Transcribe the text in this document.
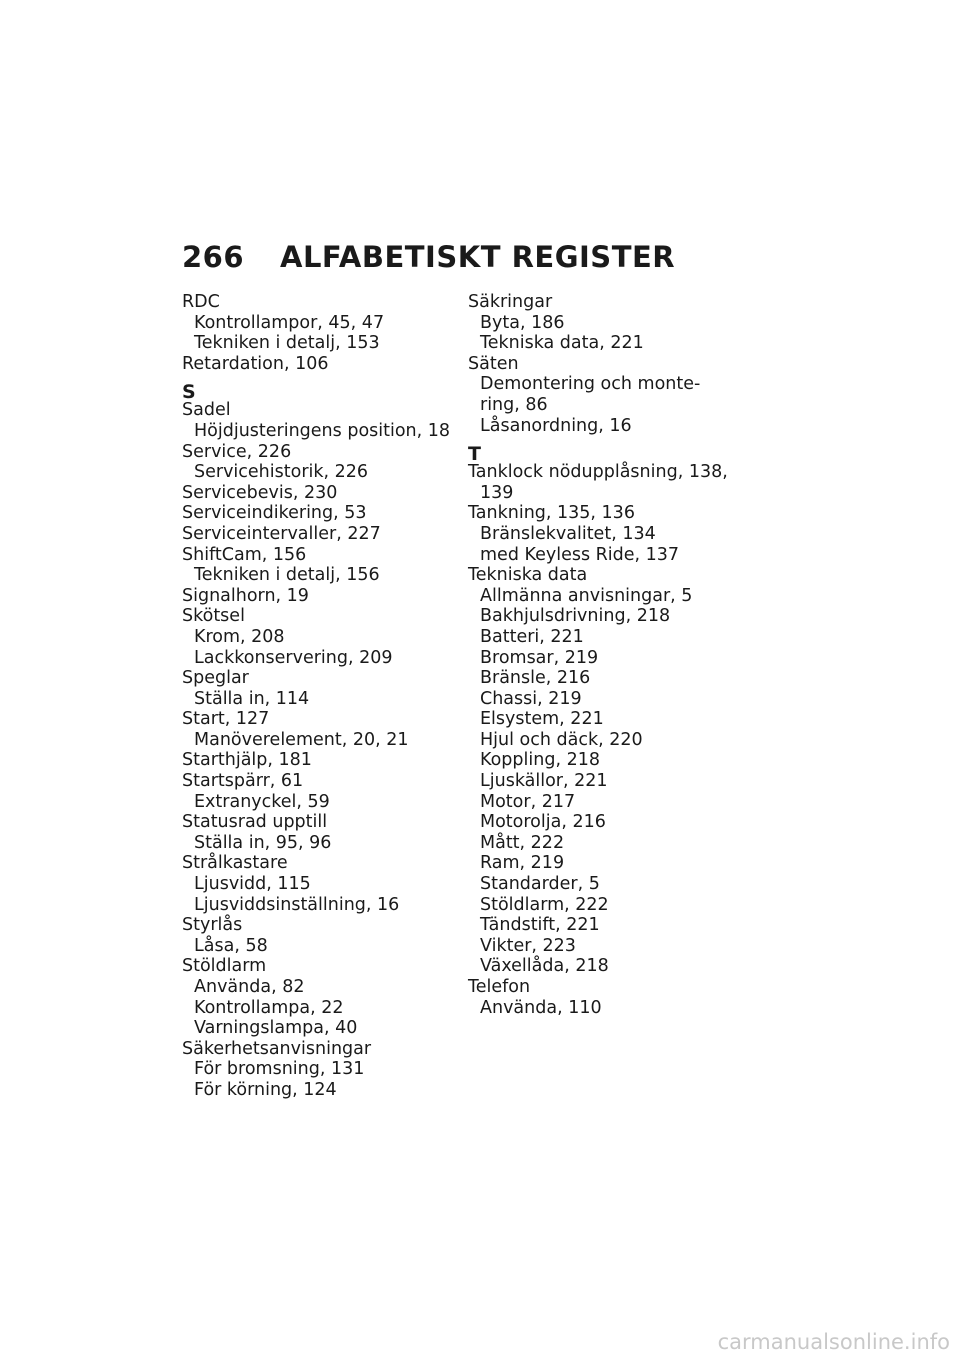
266 ALFABETISKT REGISTER
RDC
Kontrollampor, 45, 47
Tekniken i detalj, 153
Retardation, 106
S
Sadel
Höjdjusteringens position, 18
Service, 226
Servicehistorik, 226
Servicebevis, 230
Serviceindikering, 53
Serviceintervaller, 227
ShiftCam, 156
Tekniken i detalj, 156
Signalhorn, 19
Skötsel
Krom, 208
Lackkonservering, 209
Speglar
Ställa in, 114
Start, 127
Manöverelement, 20, 21
Starthjälp, 181
Startspärr, 61
Extranyckel, 59
Statusrad upptill
Ställa in, 95, 96
Strålkastare
Ljusvidd, 115
Ljusviddsinställning, 16
Styrlås
Låsa, 58
Stöldlarm
Använda, 82
Kontrollampa, 22
Varningslampa, 40
Säkerhetsanvisningar
För bromsning, 131
För körning, 124
Säkringar
Byta, 186
Tekniska data, 221
Säten
Demontering och monte-
ring, 86
Låsanordning, 16
T
Tanklock nödupplåsning, 138,
139
Tankning, 135, 136
Bränslekvalitet, 134
med Keyless Ride, 137
Tekniska data
Allmänna anvisningar, 5
Bakhjulsdrivning, 218
Batteri, 221
Bromsar, 219
Bränsle, 216
Chassi, 219
Elsystem, 221
Hjul och däck, 220
Koppling, 218
Ljuskällor, 221
Motor, 217
Motorolja, 216
Mått, 222
Ram, 219
Standarder, 5
Stöldlarm, 222
Tändstift, 221
Vikter, 223
Växellåda, 218
Telefon
Använda, 110
carmanualsonline.info
